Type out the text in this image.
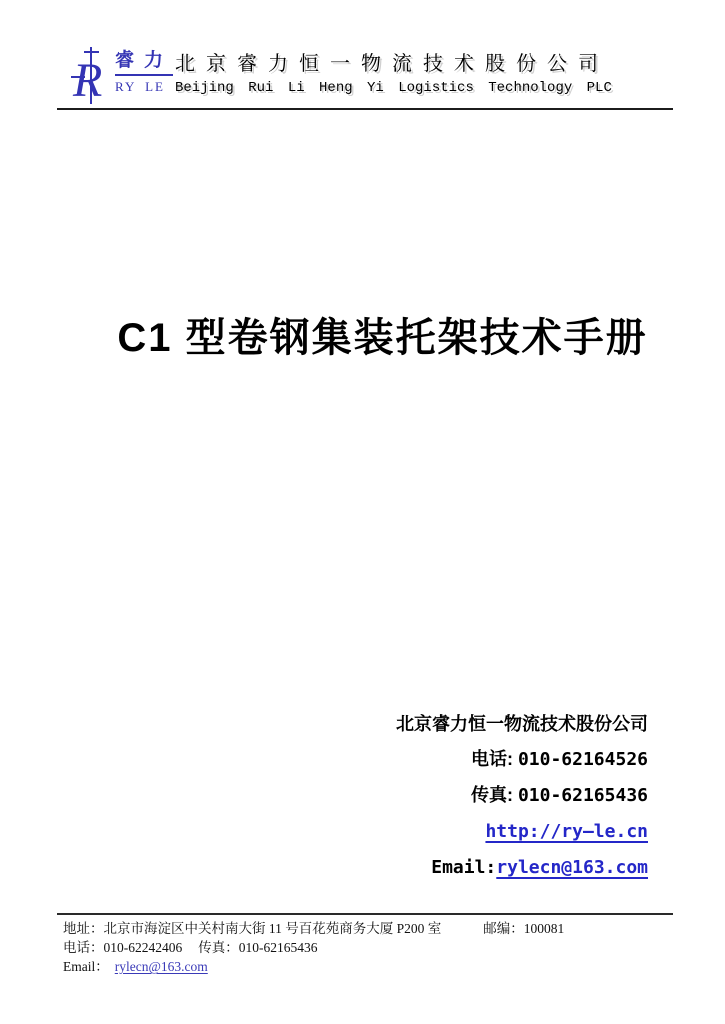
R 睿力
RY LE
北京睿力恒一物流技术股份公司
Beijing Rui Li Heng Yi Logistics Technology PLC
C1 型卷钢集装托架技术手册
北京睿力恒一物流技术股份公司
电话: 010-62164526
传真: 010-62165436
http://ry—le.cn
Email:rylecn@163.com
地址：北京市海淀区中关村南大街 11 号百花苑商务大厦 P200 室	邮编：100081
电话：010-62242406 传真：010-62165436
Email： rylecn@163.com
